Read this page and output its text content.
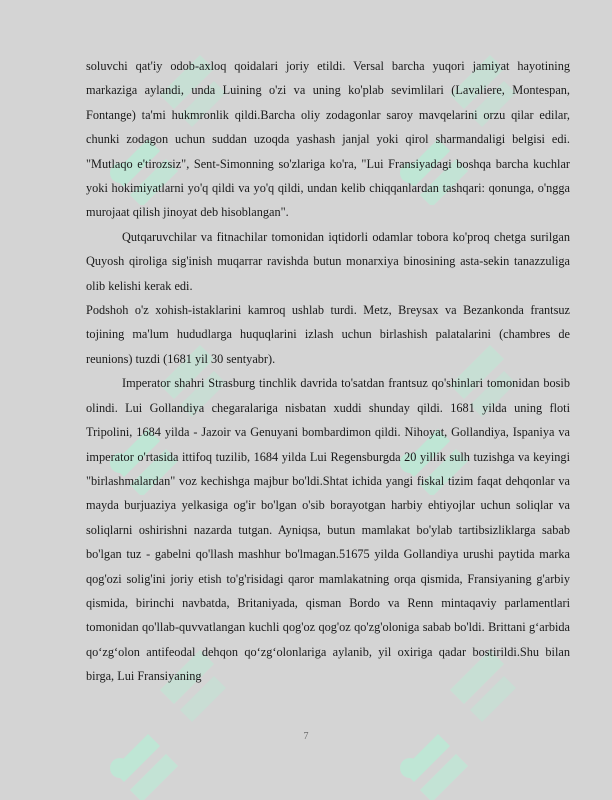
soluvchi qat'iy odob-axloq qoidalari joriy etildi. Versal barcha yuqori jamiyat hayotining markaziga aylandi, unda Luining o'zi va uning ko'plab sevimlilari (Lavaliere, Montespan, Fontange) ta'mi hukmronlik qildi.Barcha oliy zodagonlar saroy mavqelarini orzu qilar edilar, chunki zodagon uchun suddan uzoqda yashash janjal yoki qirol sharmandaligi belgisi edi. "Mutlaqo e'tirozsiz", Sent-Simonning so'zlariga ko'ra, "Lui Fransiyadagi boshqa barcha kuchlar yoki hokimiyatlarni yo'q qildi va yo'q qildi, undan kelib chiqqanlardan tashqari: qonunga, o'ngga murojaat qilish jinoyat deb hisoblangan".

Qutqaruvchilar va fitnachilar tomonidan iqtidorli odamlar tobora ko'proq chetga surilgan Quyosh qiroliga sig'inish muqarrar ravishda butun monarxiya binosining asta-sekin tanazzuliga olib kelishi kerak edi.

Podshoh o'z xohish-istaklarini kamroq ushlab turdi. Metz, Breysax va Bezankonda frantsuz tojining ma'lum hududlarga huquqlarini izlash uchun birlashish palatalarini (chambres de reunions) tuzdi (1681 yil 30 sentyabr).

Imperator shahri Strasburg tinchlik davrida to'satdan frantsuz qo'shinlari tomonidan bosib olindi. Lui Gollandiya chegaralariga nisbatan xuddi shunday qildi. 1681 yilda uning floti Tripolini, 1684 yilda - Jazoir va Genuyani bombardimon qildi. Nihoyat, Gollandiya, Ispaniya va imperator o'rtasida ittifoq tuzilib, 1684 yilda Lui Regensburgda 20 yillik sulh tuzishga va keyingi "birlashmalardan" voz kechishga majbur bo'ldi.Shtat ichida yangi fiskal tizim faqat dehqonlar va mayda burjuaziya yelkasiga og'ir bo'lgan o'sib borayotgan harbiy ehtiyojlar uchun soliqlar va soliqlarni oshirishni nazarda tutgan. Ayniqsa, butun mamlakat bo'ylab tartibsizliklarga sabab bo'lgan tuz - gabelni qo'llash mashhur bo'lmagan.51675 yilda Gollandiya urushi paytida marka qog'ozi solig'ini joriy etish to'g'risidagi qaror mamlakatning orqa qismida, Fransiyaning g'arbiy qismida, birinchi navbatda, Britaniyada, qisman Bordo va Renn mintaqaviy parlamentlari tomonidan qo'llab-quvvatlangan kuchli qog'oz qog'oz qo'zg'oloniga sabab bo'ldi. Brittani g‘arbida qo‘zg‘olon antifeodal dehqon qo‘zg‘olonlariga aylanib, yil oxiriga qadar bostirildi.Shu bilan birga, Lui Fransiyaning

7
